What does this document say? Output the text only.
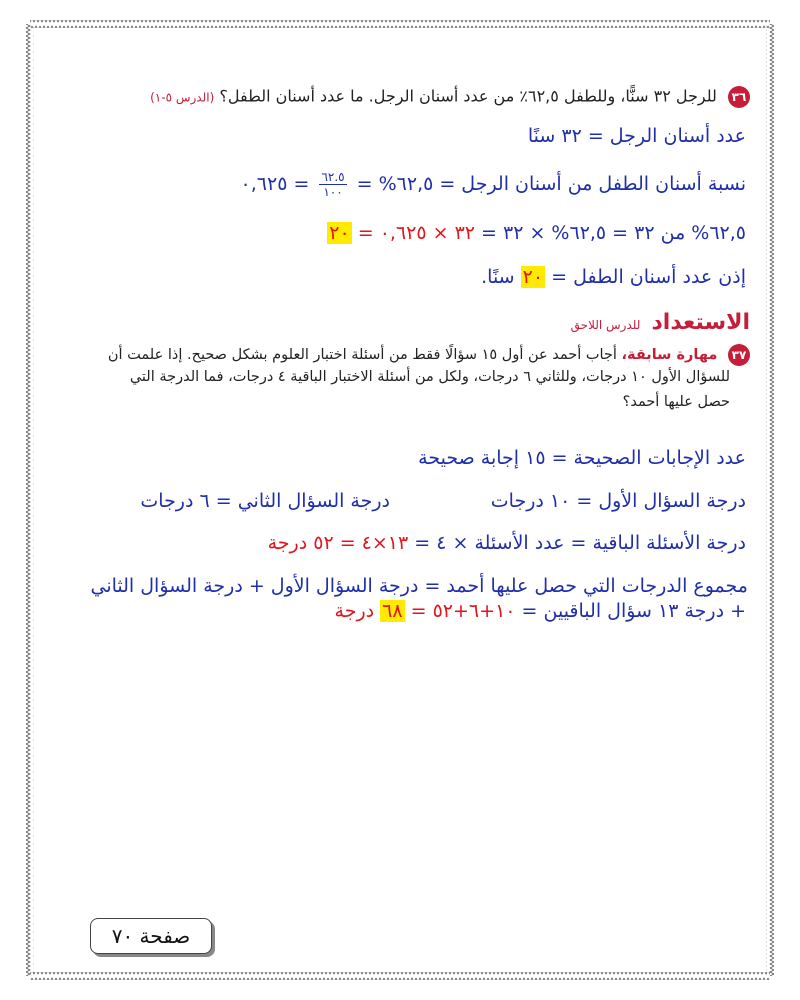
٣٦ للرجل ٣٢ سنًّا، وللطفل ٦٢,٥٪ من عدد أسنان الرجل. ما عدد أسنان الطفل؟ (الدرس ٥-١)
عدد أسنان الرجل = ٣٢ سنًا
نسبة أسنان الطفل من أسنان الرجل = ٦٢,٥% =
$\frac{٦٢.٥}{١٠٠}$
= ٠,٦٢٥
٦٢,٥% من ٣٢ = ٦٢,٥% × ٣٢ = ٣٢ × ٠,٦٢٥ = ٢٠
إذن عدد أسنان الطفل = ٢٠ سنًا.
الاستعداد للدرس اللاحق
٣٧ مهارة سابقة، أجاب أحمد عن أول ١٥ سؤالًا فقط من أسئلة اختبار العلوم بشكل صحيح. إذا علمت أن
للسؤال الأول ١٠ درجات، وللثاني ٦ درجات، ولكل من أسئلة الاختبار الباقية ٤ درجات، فما الدرجة التي
حصل عليها أحمد؟
عدد الإجابات الصحيحة = ١٥ إجابة صحيحة
درجة السؤال الأول = ١٠ درجات
درجة السؤال الثاني = ٦ درجات
درجة الأسئلة الباقية = عدد الأسئلة × ٤ = ١٣×٤ = ٥٢ درجة
مجموع الدرجات التي حصل عليها أحمد = درجة السؤال الأول + درجة السؤال الثاني
+ درجة ١٣ سؤال الباقيين = ١٠+٦+٥٢ = ٦٨ درجة
صفحة ٧٠
